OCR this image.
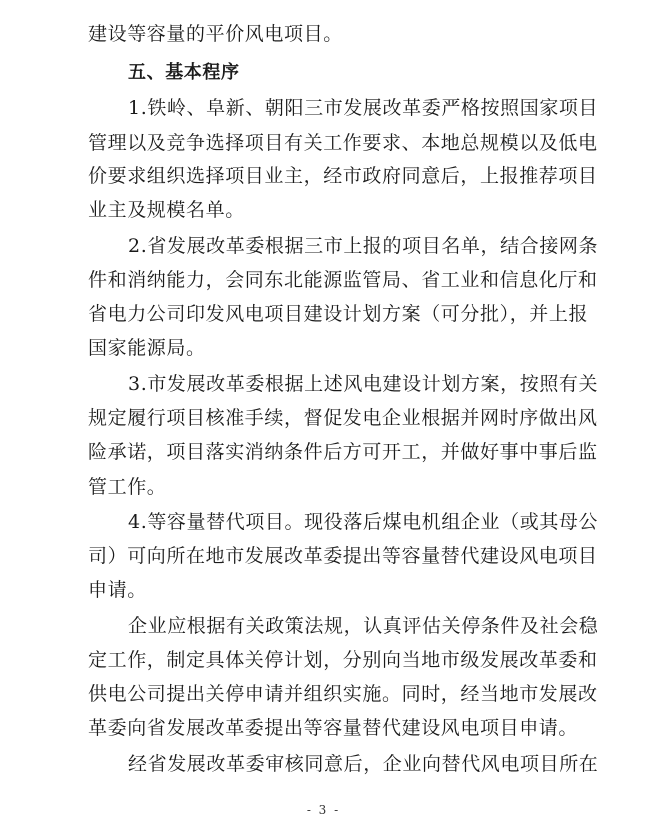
建设等容量的平价风电项目。
五、基本程序
1.铁岭、阜新、朝阳三市发展改革委严格按照国家项目
管理以及竞争选择项目有关工作要求、本地总规模以及低电
价要求组织选择项目业主，经市政府同意后，上报推荐项目
业主及规模名单。
2.省发展改革委根据三市上报的项目名单，结合接网条
件和消纳能力，会同东北能源监管局、省工业和信息化厅和
省电力公司印发风电项目建设计划方案（可分批），并上报
国家能源局。
3.市发展改革委根据上述风电建设计划方案，按照有关
规定履行项目核准手续，督促发电企业根据并网时序做出风
险承诺，项目落实消纳条件后方可开工，并做好事中事后监
管工作。
4.等容量替代项目。现役落后煤电机组企业（或其母公
司）可向所在地市发展改革委提出等容量替代建设风电项目
申请。
企业应根据有关政策法规，认真评估关停条件及社会稳
定工作，制定具体关停计划，分别向当地市级发展改革委和
供电公司提出关停申请并组织实施。同时，经当地市发展改
革委向省发展改革委提出等容量替代建设风电项目申请。
经省发展改革委审核同意后，企业向替代风电项目所在
- 3 -
